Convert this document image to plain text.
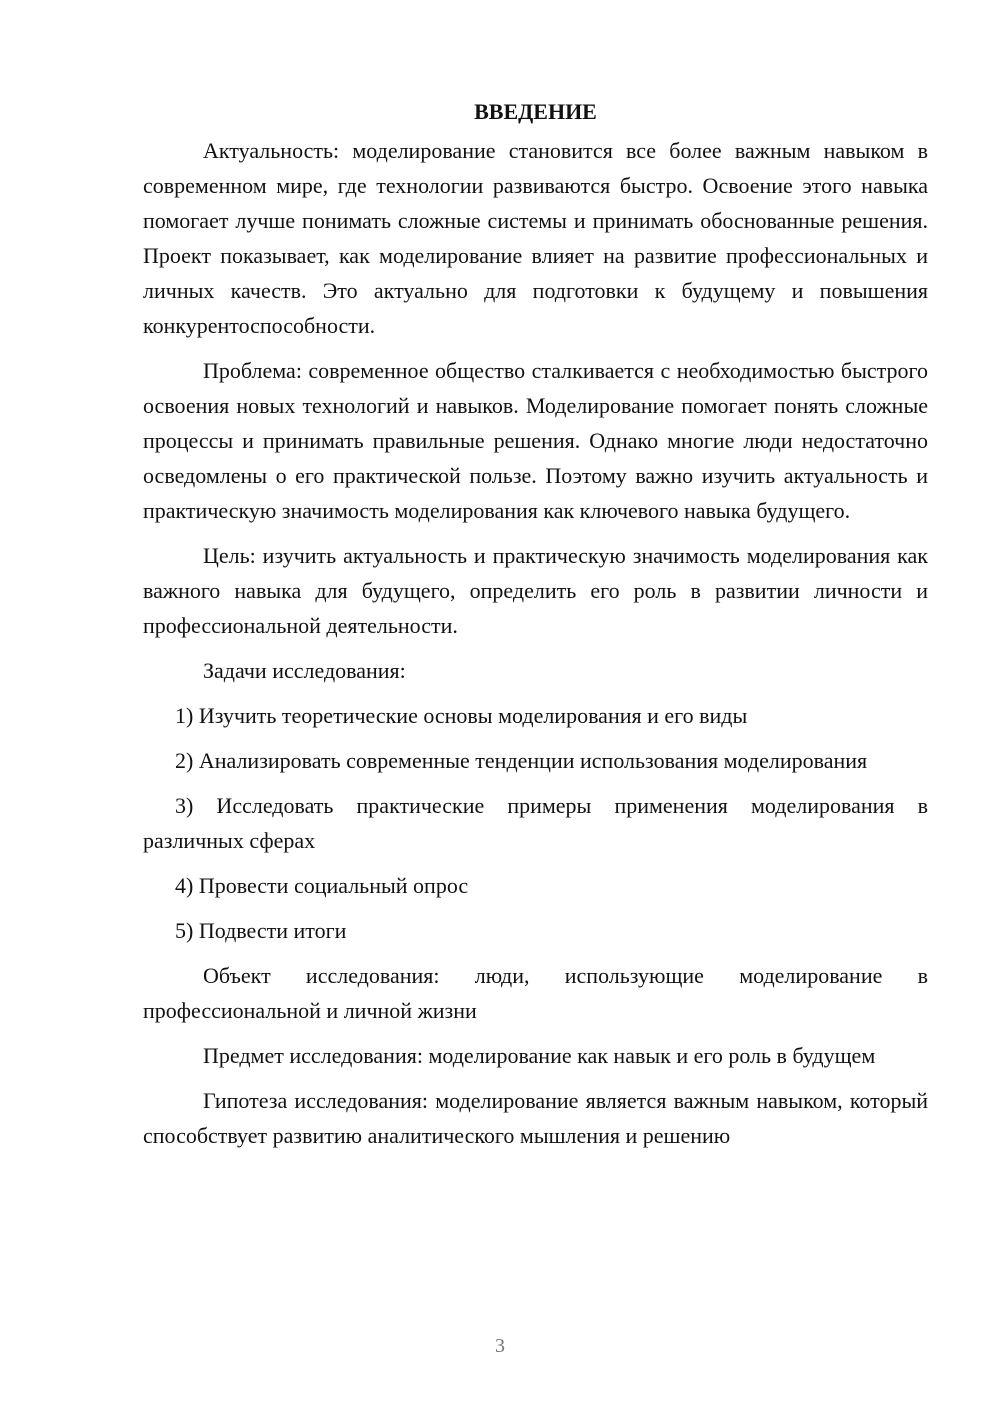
ВВЕДЕНИЕ

Актуальность: моделирование становится все более важным навыком в современном мире, где технологии развиваются быстро. Освоение этого навыка помогает лучше понимать сложные системы и принимать обоснованные решения. Проект показывает, как моделирование влияет на развитие профессиональных и личных качеств. Это актуально для подготовки к будущему и повышения конкурентоспособности.

Проблема: современное общество сталкивается с необходимостью быстрого освоения новых технологий и навыков. Моделирование помогает понять сложные процессы и принимать правильные решения. Однако многие люди недостаточно осведомлены о его практической пользе. Поэтому важно изучить актуальность и практическую значимость моделирования как ключевого навыка будущего.

Цель: изучить актуальность и практическую значимость моделирования как важного навыка для будущего, определить его роль в развитии личности и профессиональной деятельности.

Задачи исследования:

1) Изучить теоретические основы моделирования и его виды

2) Анализировать современные тенденции использования моделирования

3) Исследовать практические примеры применения моделирования в различных сферах

4) Провести социальный опрос

5) Подвести итоги

Объект исследования: люди, использующие моделирование в профессиональной и личной жизни

Предмет исследования: моделирование как навык и его роль в будущем

Гипотеза исследования: моделирование является важным навыком, который способствует развитию аналитического мышления и решению

3
